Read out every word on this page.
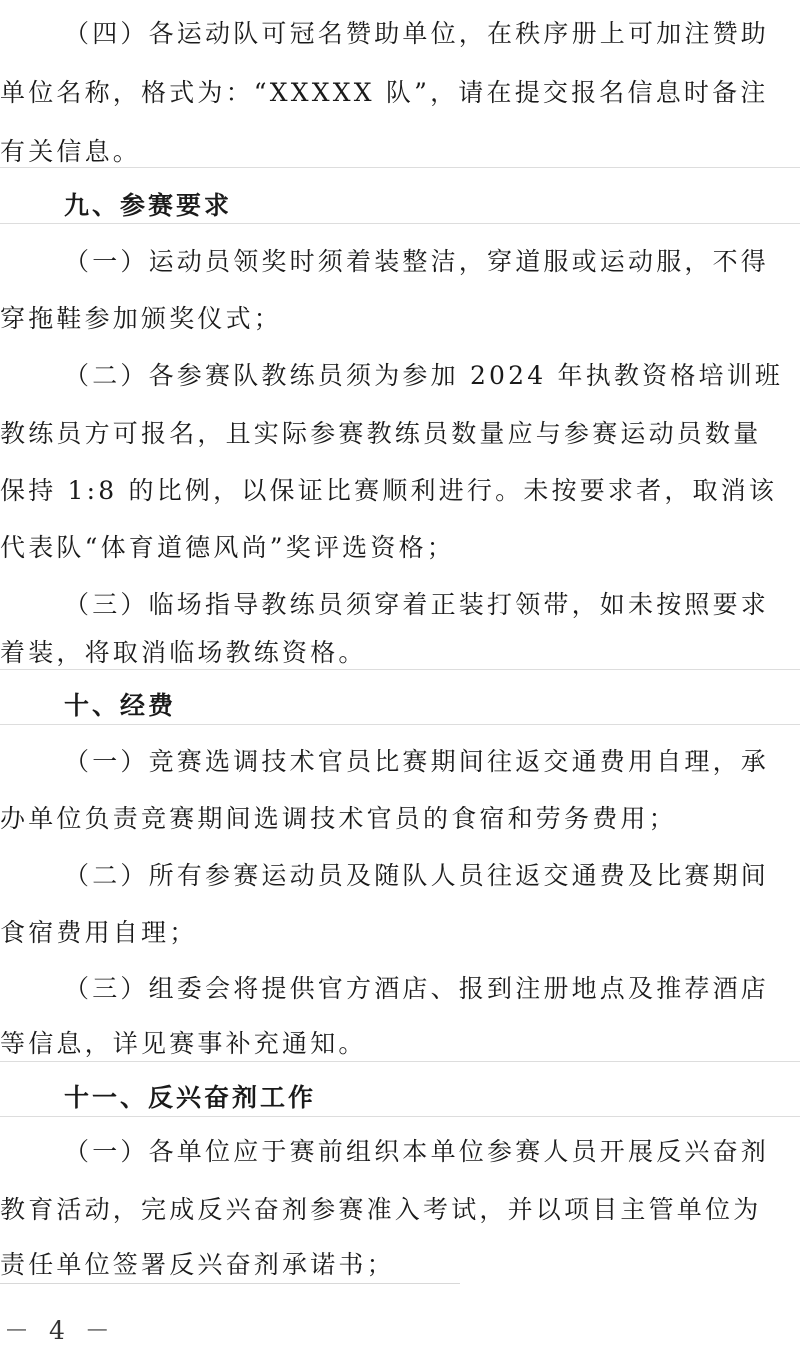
（四）各运动队可冠名赞助单位，在秩序册上可加注赞助
单位名称，格式为：“XXXXX 队”，请在提交报名信息时备注
有关信息。
九、参赛要求
（一）运动员领奖时须着装整洁，穿道服或运动服，不得
穿拖鞋参加颁奖仪式；
（二）各参赛队教练员须为参加 2024 年执教资格培训班
教练员方可报名，且实际参赛教练员数量应与参赛运动员数量
保持 1:8 的比例，以保证比赛顺利进行。未按要求者，取消该
代表队“体育道德风尚”奖评选资格；
（三）临场指导教练员须穿着正装打领带，如未按照要求
着装，将取消临场教练资格。
十、经费
（一）竞赛选调技术官员比赛期间往返交通费用自理，承
办单位负责竞赛期间选调技术官员的食宿和劳务费用；
（二）所有参赛运动员及随队人员往返交通费及比赛期间
食宿费用自理；
（三）组委会将提供官方酒店、报到注册地点及推荐酒店
等信息，详见赛事补充通知。
十一、反兴奋剂工作
（一）各单位应于赛前组织本单位参赛人员开展反兴奋剂
教育活动，完成反兴奋剂参赛准入考试，并以项目主管单位为
责任单位签署反兴奋剂承诺书；
－ 4 －
